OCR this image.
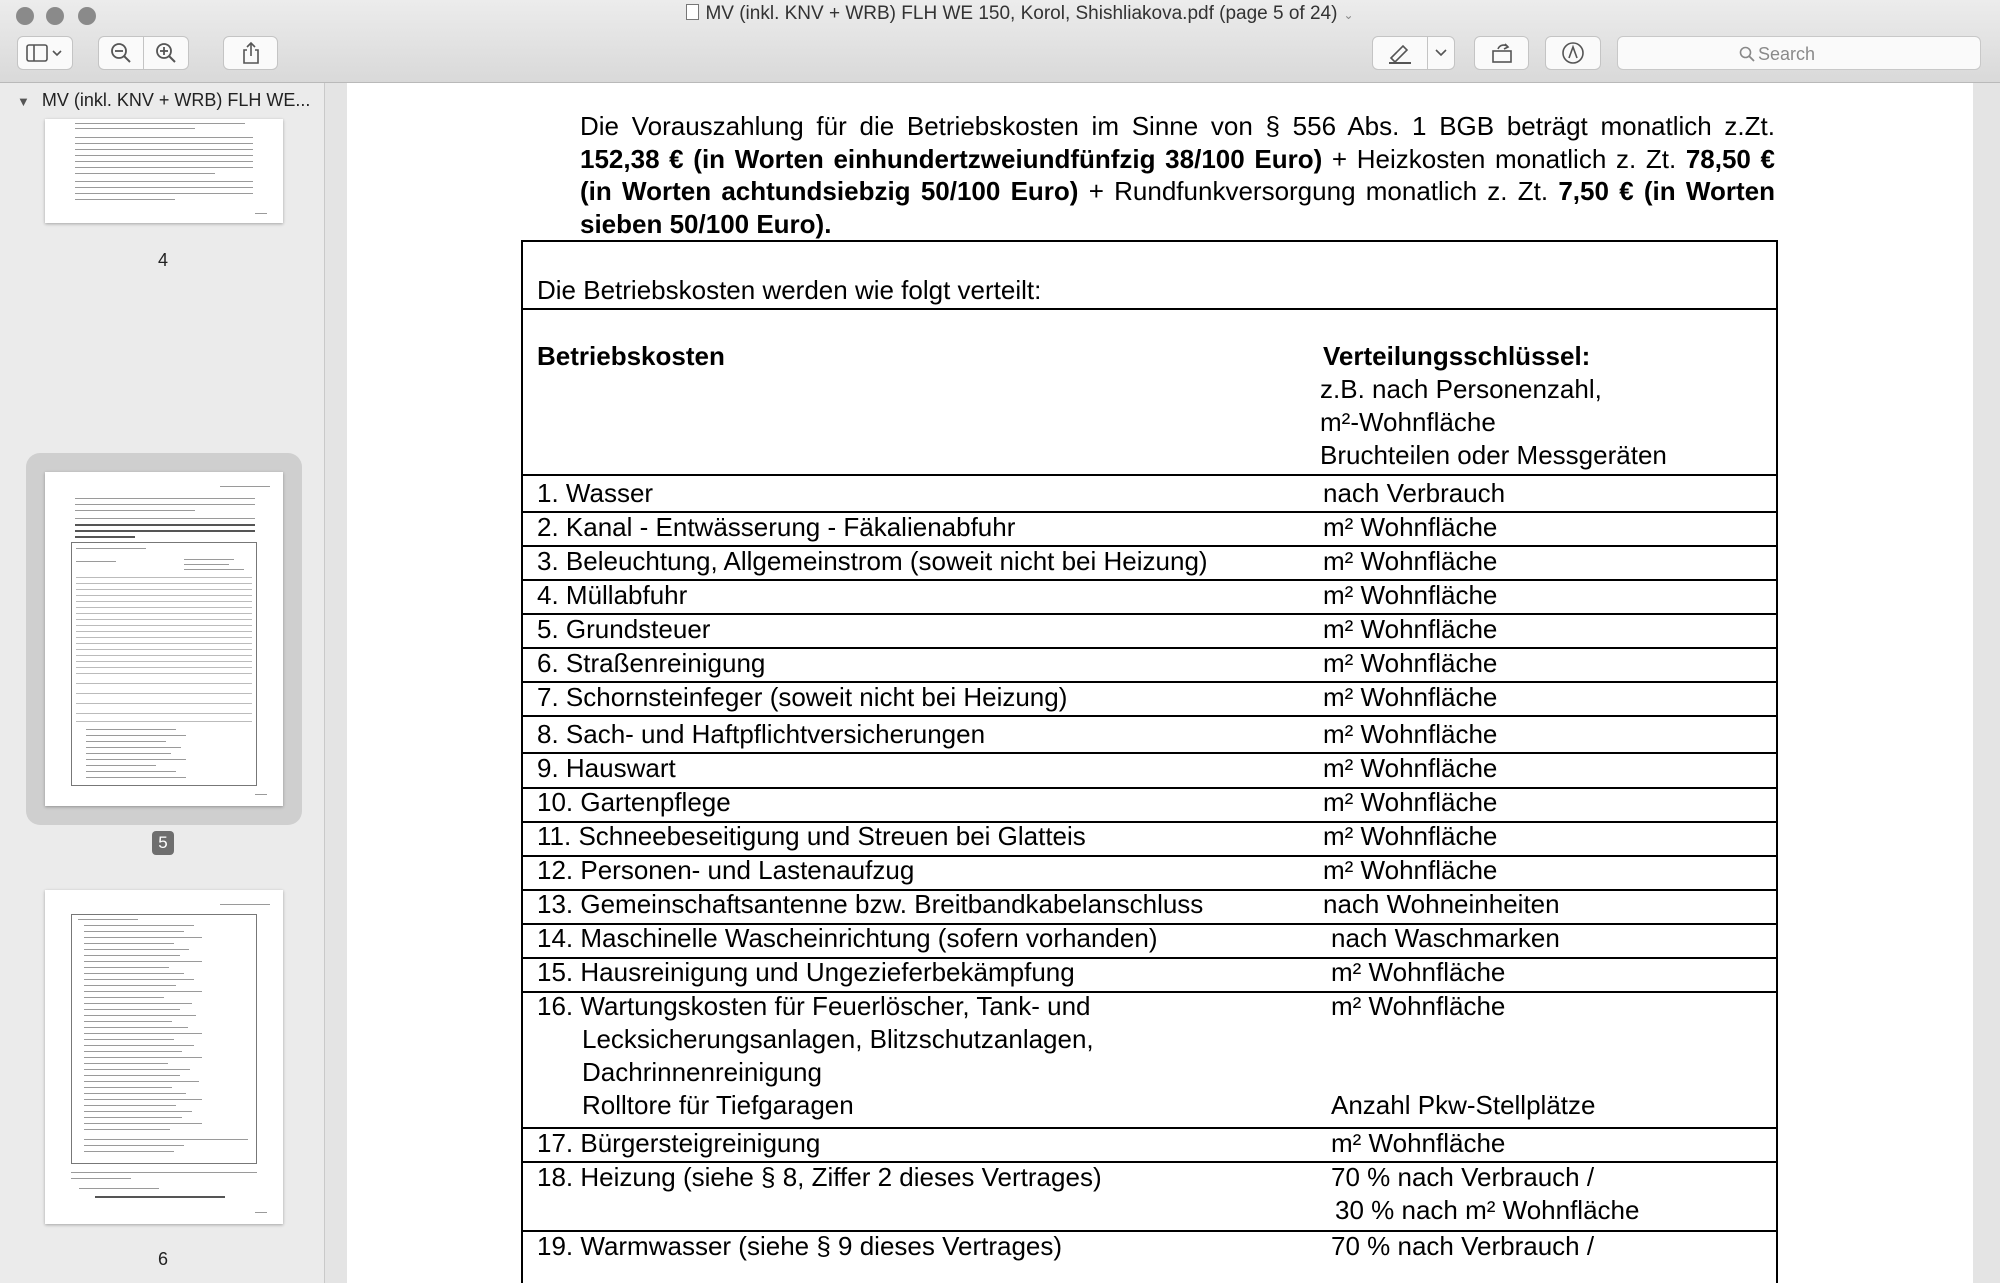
MV (inkl. KNV + WRB) FLH WE 150, Korol, Shishliakova.pdf (page 5 of 24) ⌄
Search
▼ MV (inkl. KNV + WRB) FLH WE...
4
5
6
Die Vorauszahlung für die Betriebskosten im Sinne von § 556 Abs. 1 BGB beträgt monatlich z.Zt. 152,38 € (in Worten einhundertzweiundfünfzig 38/100 Euro) + Heizkosten monatlich z. Zt. 78,50 € (in Worten achtundsiebzig 50/100 Euro) + Rundfunkversorgung monatlich z. Zt. 7,50 € (in Worten sieben 50/100 Euro).
Die Betriebskosten werden wie folgt verteilt:
Betriebskosten	Verteilungsschlüssel:
z.B. nach Personenzahl,
m²-Wohnfläche
Bruchteilen oder Messgeräten
1. Wasser	nach Verbrauch
2. Kanal - Entwässerung - Fäkalienabfuhr	m² Wohnfläche
3. Beleuchtung, Allgemeinstrom (soweit nicht bei Heizung)	m² Wohnfläche
4. Müllabfuhr	m² Wohnfläche
5. Grundsteuer	m² Wohnfläche
6. Straßenreinigung	m² Wohnfläche
7. Schornsteinfeger (soweit nicht bei Heizung)	m² Wohnfläche
8. Sach- und Haftpflichtversicherungen	m² Wohnfläche
9. Hauswart	m² Wohnfläche
10. Gartenpflege	m² Wohnfläche
11. Schneebeseitigung und Streuen bei Glatteis	m² Wohnfläche
12. Personen- und Lastenaufzug	m² Wohnfläche
13. Gemeinschaftsantenne bzw. Breitbandkabelanschluss	nach Wohneinheiten
14. Maschinelle Wascheinrichtung (sofern vorhanden)	nach Waschmarken
15. Hausreinigung und Ungezieferbekämpfung	m² Wohnfläche
16. Wartungskosten für Feuerlöscher, Tank- und	m² Wohnfläche
Lecksicherungsanlagen, Blitzschutzanlagen,
Dachrinnenreinigung
Rolltore für Tiefgaragen	Anzahl Pkw-Stellplätze
17. Bürgersteigreinigung	m² Wohnfläche
18. Heizung (siehe § 8, Ziffer 2 dieses Vertrages)	70 % nach Verbrauch /
30 % nach m² Wohnfläche
19. Warmwasser (siehe § 9 dieses Vertrages)	70 % nach Verbrauch /
